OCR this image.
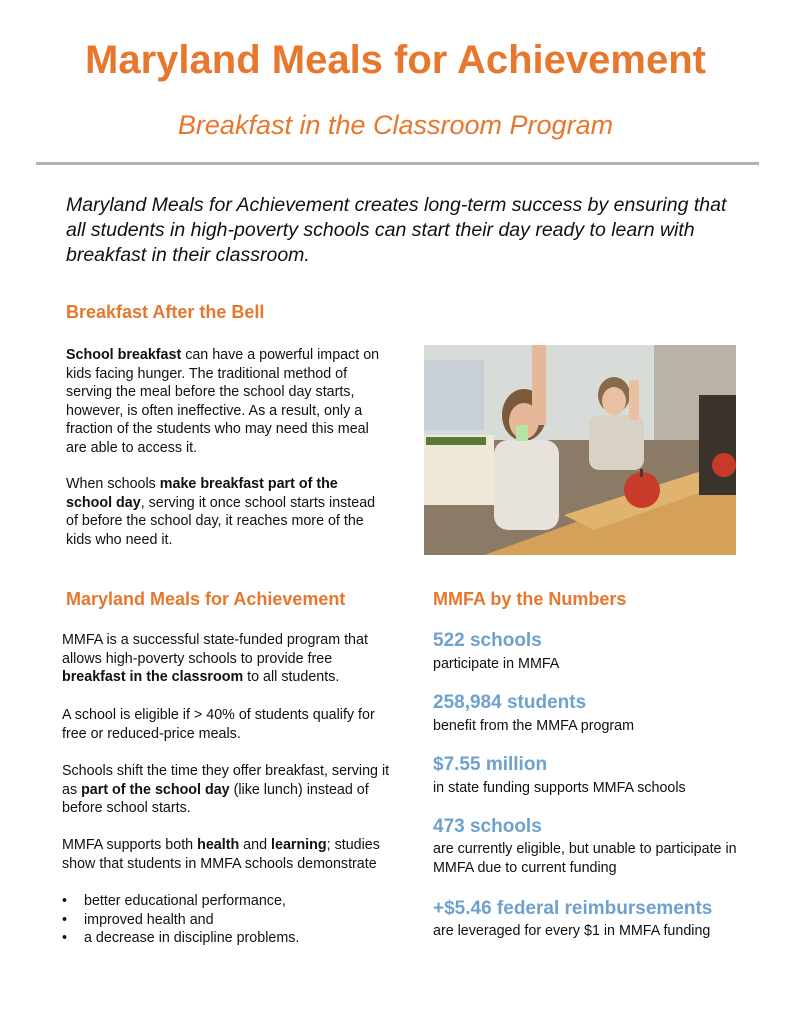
Maryland Meals for Achievement
Breakfast in the Classroom Program
Maryland Meals for Achievement creates long-term success by ensuring that all students in high-poverty schools can start their day ready to learn with breakfast in their classroom.
Breakfast After the Bell
School breakfast can have a powerful impact on kids facing hunger. The traditional method of serving the meal before the school day starts, however, is often ineffective. As a result, only a fraction of the students who may need this meal are able to access it.
When schools make breakfast part of the school day, serving it once school starts instead of before the school day, it reaches more of the kids who need it.
Maryland Meals for Achievement
MMFA is a successful state-funded program that allows high-poverty schools to provide free breakfast in the classroom to all students.
A school is eligible if > 40% of students qualify for free or reduced-price meals.
Schools shift the time they offer breakfast, serving it as part of the school day (like lunch) instead of before school starts.
MMFA supports both health and learning; studies show that students in MMFA schools demonstrate
• better educational performance,
• improved health and
• a decrease in discipline problems.
MMFA by the Numbers
522 schools
participate in MMFA
258,984 students
benefit from the MMFA program
$7.55 million
in state funding supports MMFA schools
473 schools
are currently eligible, but unable to participate in MMFA due to current funding
+$5.46 federal reimbursements
are leveraged for every $1 in MMFA funding
